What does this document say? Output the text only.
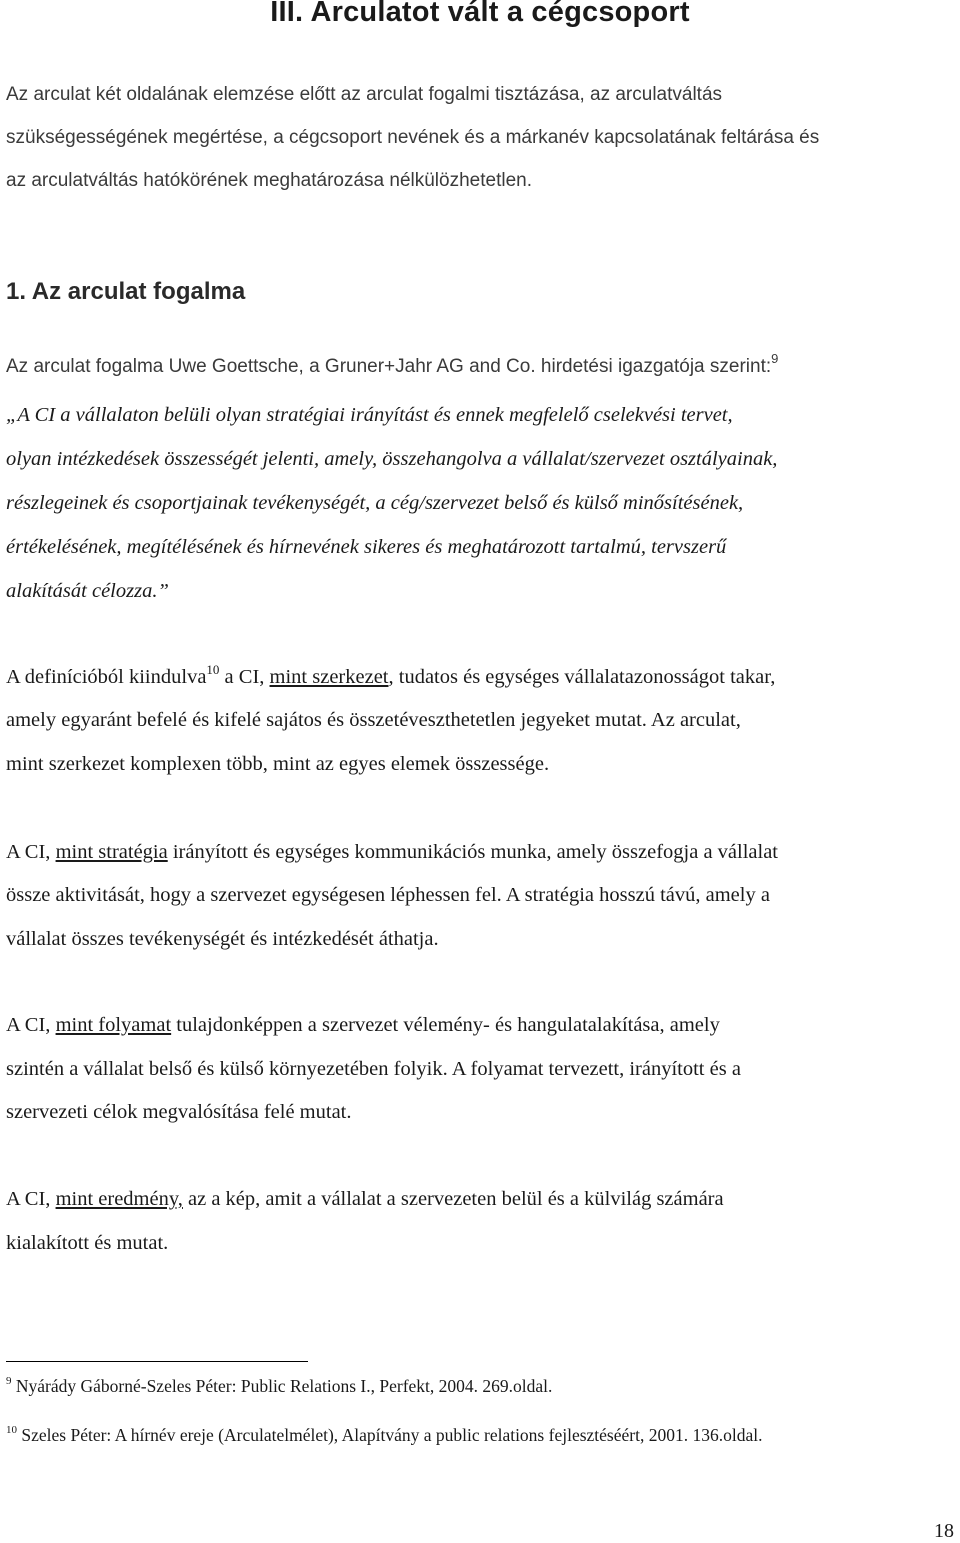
III. Arculatot vált a cégcsoport
Az arculat két oldalának elemzése előtt az arculat fogalmi tisztázása, az arculatváltás
szükségességének megértése, a cégcsoport nevének és a márkanév kapcsolatának feltárása és
az arculatváltás hatókörének meghatározása nélkülözhetetlen.
1. Az arculat fogalma
Az arculat fogalma Uwe Goettsche, a Gruner+Jahr AG and Co. hirdetési igazgatója szerint:$^9$
„A CI a vállalaton belüli olyan stratégiai irányítást és ennek megfelelő cselekvési tervet,
olyan intézkedések összességét jelenti, amely, összehangolva a vállalat/szervezet osztályainak,
részlegeinek és csoportjainak tevékenységét, a cég/szervezet belső és külső minősítésének,
értékelésének, megítélésének és hírnevének sikeres és meghatározott tartalmú, tervszerű
alakítását célozza.”
A definícióból kiindulva$^{10}$ a CI, mint szerkezet, tudatos és egységes vállalatazonosságot takar,
amely egyaránt befelé és kifelé sajátos és összetéveszthetetlen jegyeket mutat. Az arculat,
mint szerkezet komplexen több, mint az egyes elemek összessége.
A CI, mint stratégia irányított és egységes kommunikációs munka, amely összefogja a vállalat
össze aktivitását, hogy a szervezet egységesen léphessen fel. A stratégia hosszú távú, amely a
vállalat összes tevékenységét és intézkedését áthatja.
A CI, mint folyamat tulajdonképpen a szervezet vélemény- és hangulatalakítása, amely
szintén a vállalat belső és külső környezetében folyik. A folyamat tervezett, irányított és a
szervezeti célok megvalósítása felé mutat.
A CI, mint eredmény, az a kép, amit a vállalat a szervezeten belül és a külvilág számára
kialakított és mutat.
$^9$ Nyárády Gáborné-Szeles Péter: Public Relations I., Perfekt, 2004. 269.oldal.
$^{10}$ Szeles Péter: A hírnév ereje (Arculatelmélet), Alapítvány a public relations fejlesztéséért, 2001. 136.oldal.
18
